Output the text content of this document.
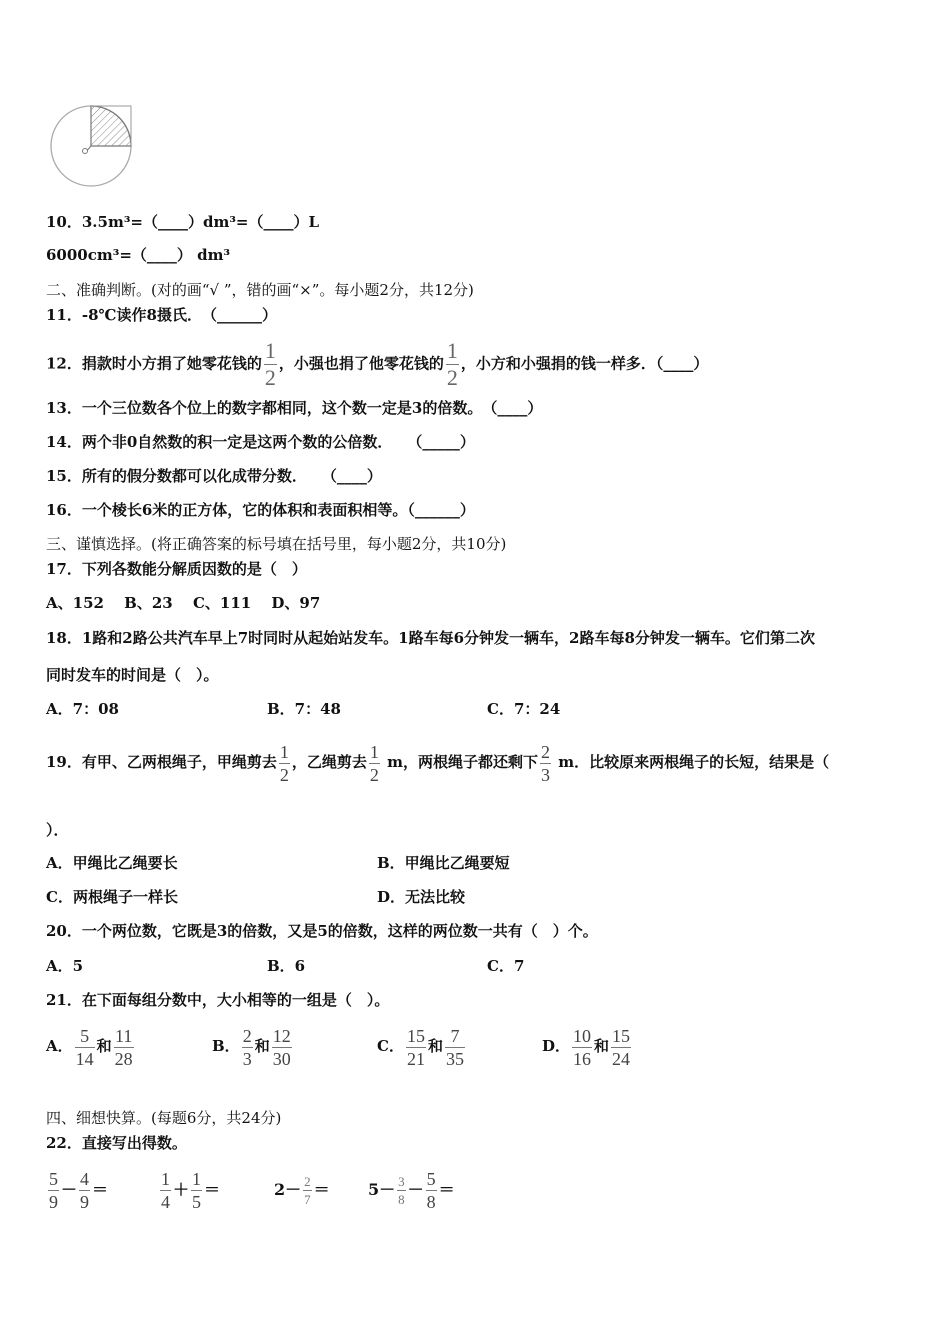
10．3.5m³=（____）dm³=（____）L
6000cm³=（____） dm³
二、准确判断。(对的画“√ ”，错的画“×”。每小题2分，共12分)
11．-8℃读作8摄氏．　（______）
12．捐款时小方捐了她零花钱的 $\frac{1}{2}$ ，小强也捐了他零花钱的 $\frac{1}{2}$ ，小方和小强捐的钱一样多．（____）
13．一个三位数各个位上的数字都相同，这个数一定是3的倍数。　（____）
14．两个非0自然数的积一定是这两个数的公倍数．　　（_____）
15．所有的假分数都可以化成带分数．　　（____）
16．一个棱长6米的正方体，它的体积和表面积相等。（______）
三、谨慎选择。(将正确答案的标号填在括号里，每小题2分，共10分)
17．下列各数能分解质因数的是（　）
A、152　 B、23　 C、111　 D、97
18．1路和2路公共汽车早上7时同时从起始站发车。1路车每6分钟发一辆车，2路车每8分钟发一辆车。它们第二次
同时发车的时间是（　）。
A．7：08	B．7：48	C．7：24
19．有甲、乙两根绳子，甲绳剪去 $\frac{1}{2}$ ，乙绳剪去 $\frac{1}{2}$ m，两根绳子都还剩下 $\frac{2}{3}$ m．比较原来两根绳子的长短，结果是（
）．
A．甲绳比乙绳要长	B．甲绳比乙绳要短
C．两根绳子一样长	D．无法比较
20．一个两位数，它既是3的倍数，又是5的倍数，这样的两位数一共有（　）个。
A．5	B．6	C．7
21．在下面每组分数中，大小相等的一组是（　）。
A． $\frac{5}{14}$ 和 $\frac{11}{28}$	B． $\frac{2}{3}$ 和 $\frac{12}{30}$	C． $\frac{15}{21}$ 和 $\frac{7}{35}$	D． $\frac{10}{16}$ 和 $\frac{15}{24}$
四、细想快算。(每题6分，共24分)
22．直接写出得数。
$\frac{5}{9} - \frac{4}{9}$ ＝	$\frac{1}{4} + \frac{1}{5}$ ＝	$2- \frac{2}{7} = 5- \frac{3}{8} - \frac{5}{8}$ ＝
